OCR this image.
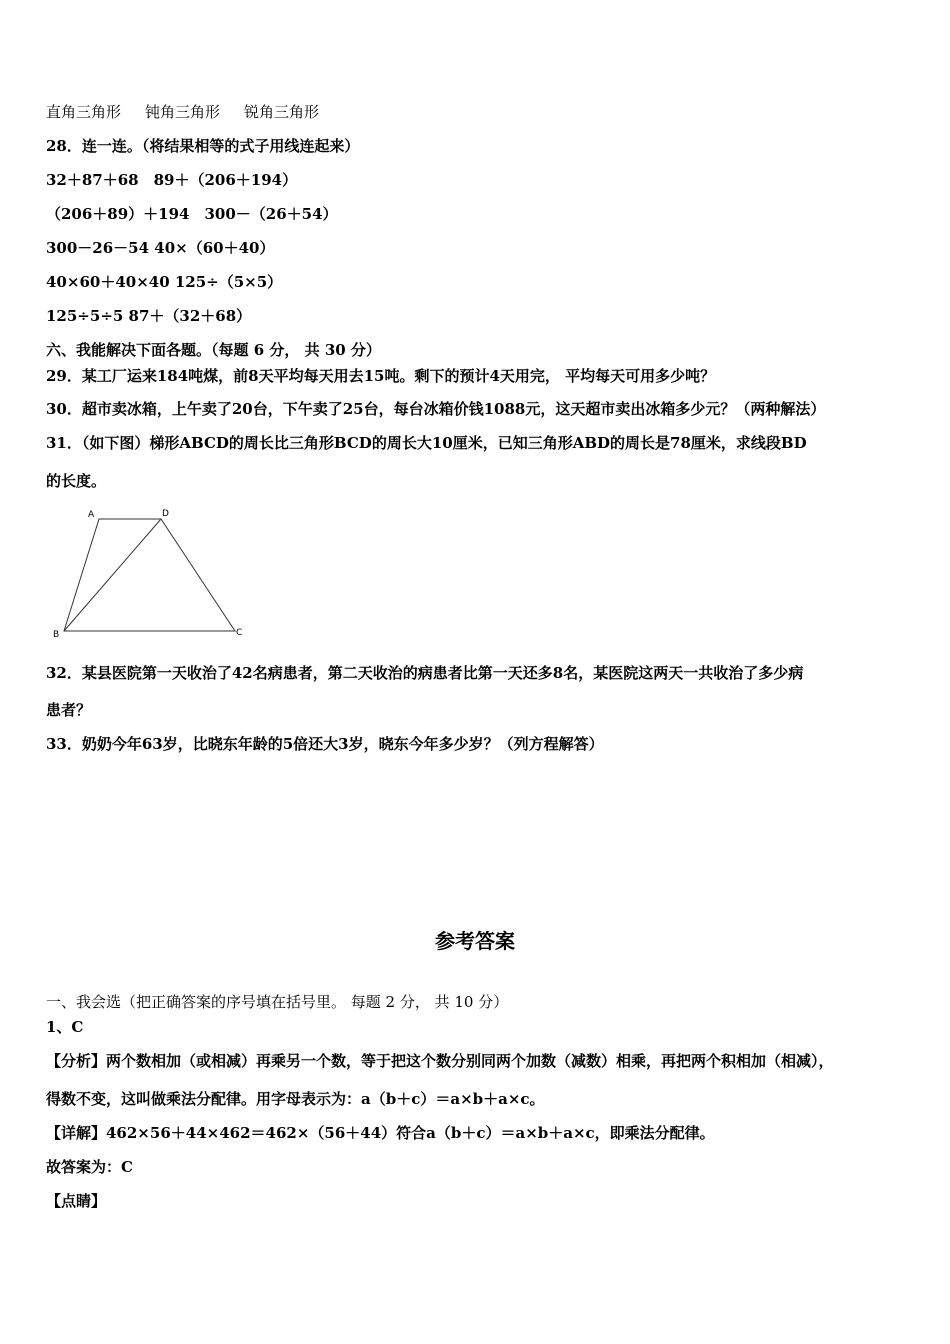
直角三角形 钝角三角形 锐角三角形
28．连一连。（将结果相等的式子用线连起来）
32＋87＋68　89＋（206＋194）
（206＋89）＋194　300－（26＋54）
300－26－54 40×（60＋40）
40×60＋40×40 125÷（5×5）
125÷5÷5 87＋（32＋68）
六、我能解决下面各题。（每题 6 分， 共 30 分）
29．某工厂运来184吨煤，前8天平均每天用去15吨。剩下的预计4天用完， 平均每天可用多少吨？
30．超市卖冰箱，上午卖了20台，下午卖了25台，每台冰箱价钱1088元，这天超市卖出冰箱多少元？（两种解法）
31．（如下图）梯形ABCD的周长比三角形BCD的周长大10厘米，已知三角形ABD的周长是78厘米，求线段BD
的长度。
A	D
B	C
32．某县医院第一天收治了42名病患者，第二天收治的病患者比第一天还多8名，某医院这两天一共收治了多少病
患者？
33．奶奶今年63岁，比晓东年龄的5倍还大3岁，晓东今年多少岁？（列方程解答）
参考答案
一、我会选（把正确答案的序号填在括号里。 每题 2 分， 共 10 分）
1、C
【分析】两个数相加（或相减）再乘另一个数，等于把这个数分别同两个加数（减数）相乘，再把两个积相加（相减），
得数不变，这叫做乘法分配律。用字母表示为：a（b＋c）＝a×b＋a×c。
【详解】462×56＋44×462＝462×（56＋44）符合a（b＋c）＝a×b＋a×c，即乘法分配律。
故答案为：C
【点睛】
